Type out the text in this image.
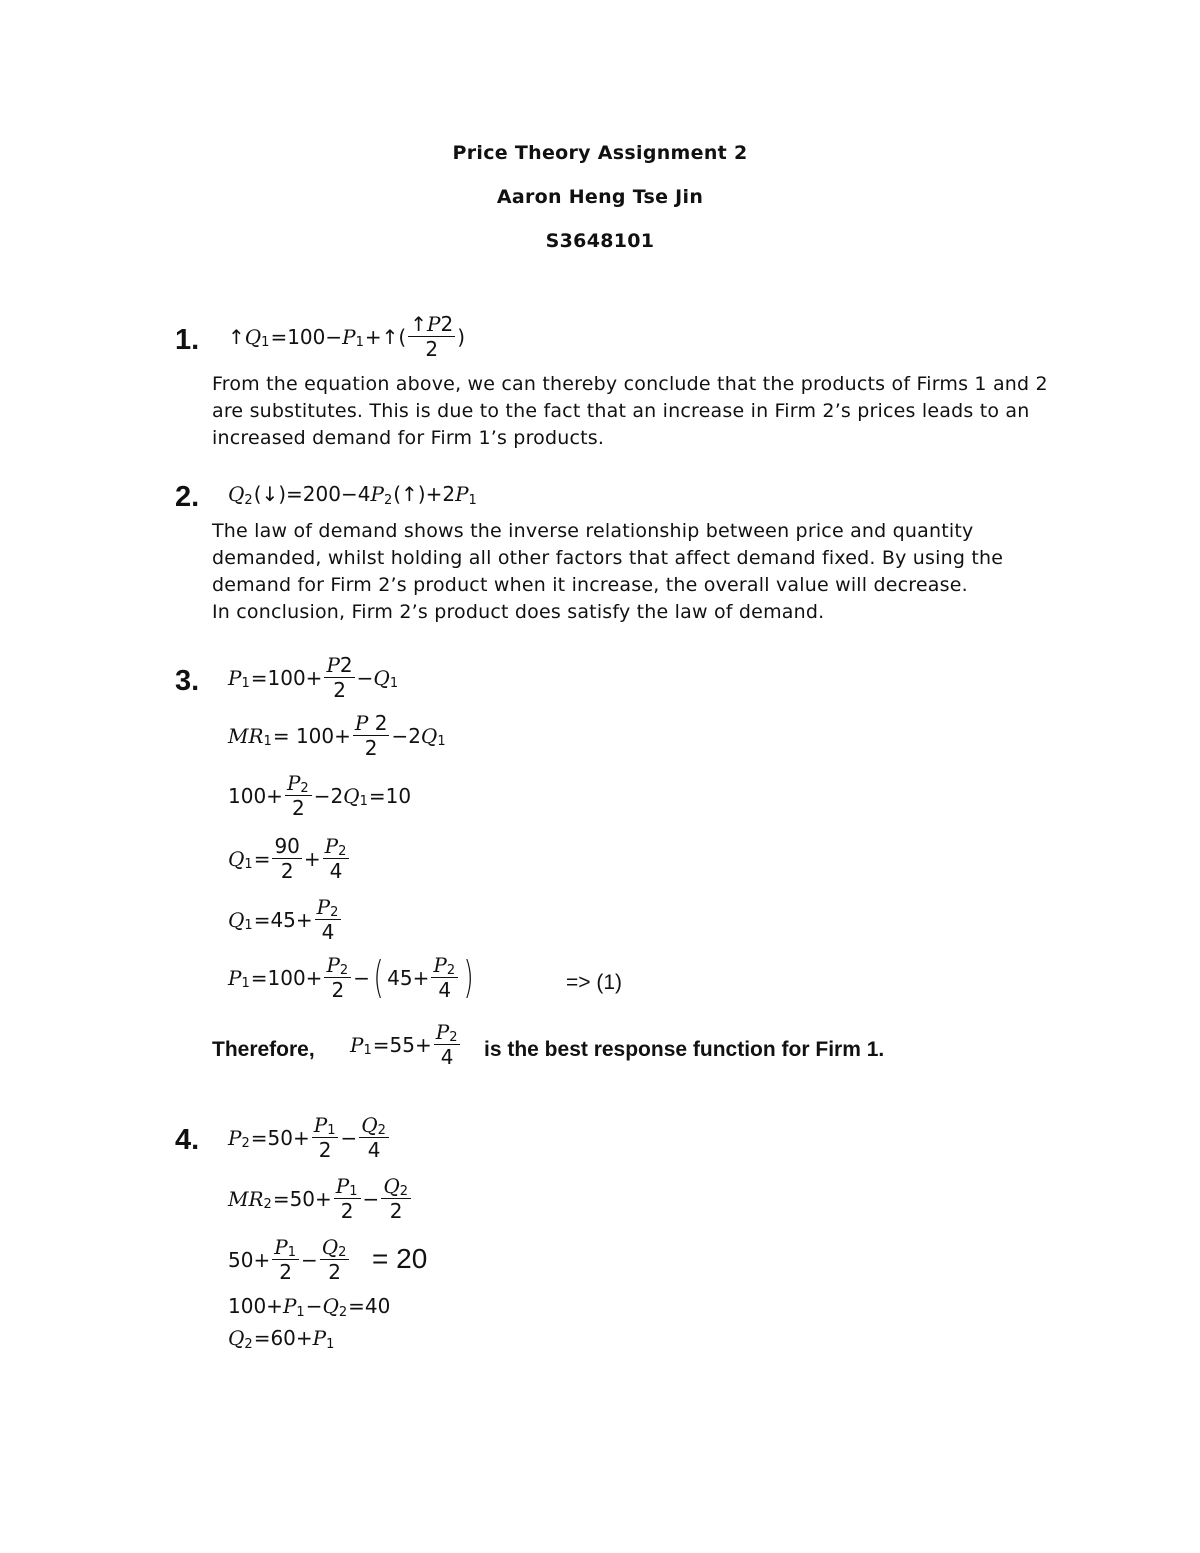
Price Theory Assignment 2
Aaron Heng Tse Jin
S3648101
1. ↑ Q 1 =100− P 1 +↑( $\frac{↑ P 2}{2}$ )
From the equation above, we can thereby conclude that the products of Firms 1 and 2
are substitutes. This is due to the fact that an increase in Firm 2’s prices leads to an
increased demand for Firm 1’s products.
2. Q 2 (↓)=200−4 P 2 (↑)+2 P 1
The law of demand shows the inverse relationship between price and quantity
demanded, whilst holding all other factors that affect demand fixed. By using the
demand for Firm 2’s product when it increase, the overall value will decrease.
In conclusion, Firm 2’s product does satisfy the law of demand.
3. P $1 =100+ \frac{P 2}{2} - Q$ 1
MR $1 = 100+ \frac{P 2}{2} -2$ Q 1
$100+ \frac{P 2}{2} -2$ Q 1 =10
Q $1 = \frac{90}{2} + \frac{P 2}{4}$
Q $1 =45+ \frac{P 2}{4}$
P $1 =100+ \frac{P 2}{2}$ − ( $45+ \frac{P 2}{4}$ )	=> (1)
Therefore, P $1 =55+ \frac{P 2}{4}$ is the best response function for Firm 1.
4. P $2 =50+ \frac{P 1}{2} - \frac{Q 2}{4}$
MR $2 =50+ \frac{P 1}{2} - \frac{Q 2}{2}$
$50+ \frac{P 1}{2} - \frac{Q 2}{2} = 20$
100+ P 1 − Q 2 =40
Q 2 =60+ P 1
